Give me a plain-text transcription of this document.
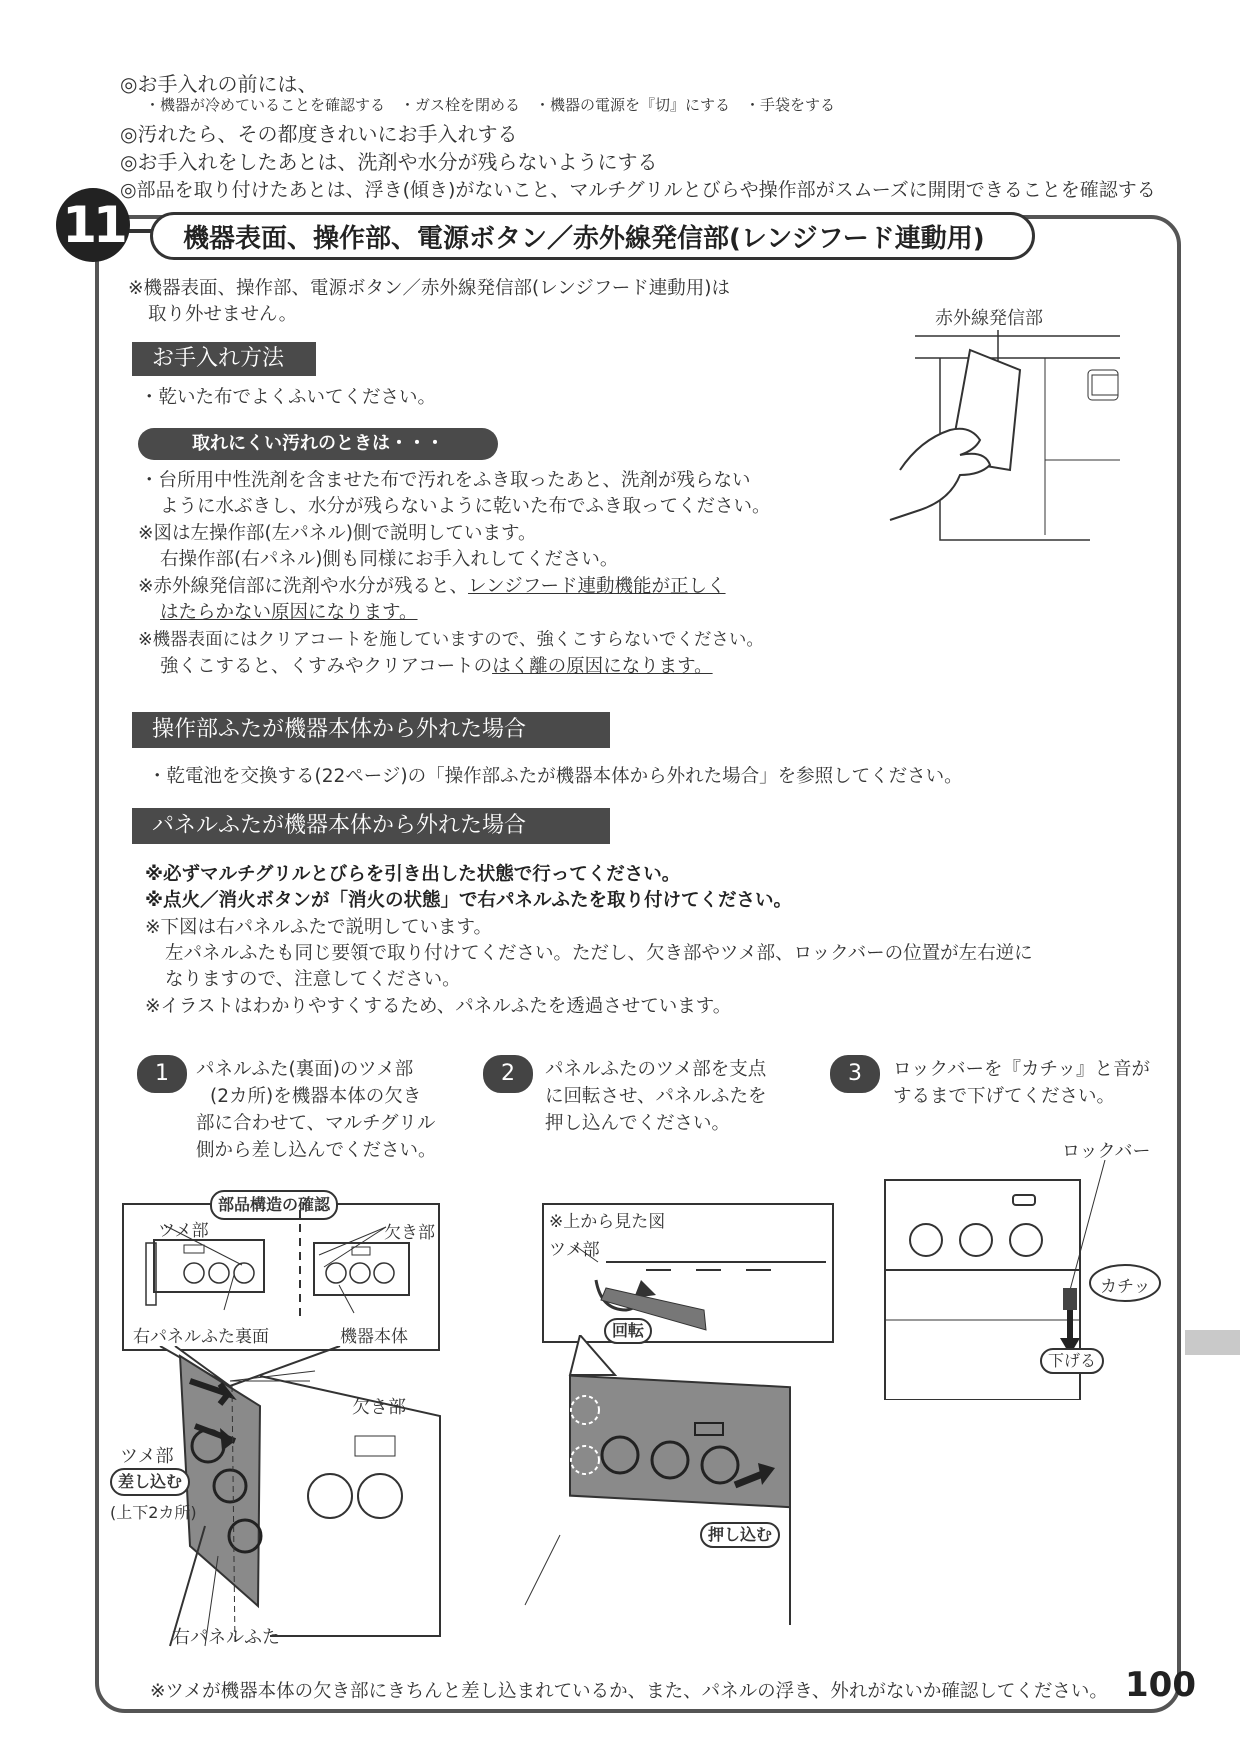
◎お手入れの前には、
・機器が冷めていることを確認する　・ガス栓を閉める　・機器の電源を『切』にする　・手袋をする
◎汚れたら、その都度きれいにお手入れする
◎お手入れをしたあとは、洗剤や水分が残らないようにする
◎部品を取り付けたあとは、浮き(傾き)がないこと、マルチグリルとびらや操作部がスムーズに開閉できることを確認する
11	機器表面、操作部、電源ボタン／赤外線発信部(レンジフード連動用)
※機器表面、操作部、電源ボタン／赤外線発信部(レンジフード連動用)は
取り外せません。
お手入れ方法
・乾いた布でよくふいてください。
取れにくい汚れのときは・・・
・台所用中性洗剤を含ませた布で汚れをふき取ったあと、洗剤が残らない
ように水ぶきし、水分が残らないように乾いた布でふき取ってください。
※図は左操作部(左パネル)側で説明しています。
右操作部(右パネル)側も同様にお手入れしてください。
※赤外線発信部に洗剤や水分が残ると、レンジフード連動機能が正しく
はたらかない原因になります。
※機器表面にはクリアコートを施していますので、強くこすらないでください。
強くこすると、くすみやクリアコートのはく離の原因になります。
赤外線発信部
操作部ふたが機器本体から外れた場合
・乾電池を交換する(22ページ)の「操作部ふたが機器本体から外れた場合」を参照してください。
パネルふたが機器本体から外れた場合
※必ずマルチグリルとびらを引き出した状態で行ってください。
※点火／消火ボタンが「消火の状態」で右パネルふたを取り付けてください。
※下図は右パネルふたで説明しています。
左パネルふたも同じ要領で取り付けてください。ただし、欠き部やツメ部、ロックバーの位置が左右逆に
なりますので、注意してください。
※イラストはわかりやすくするため、パネルふたを透過させています。
1	パネルふた(裏面)のツメ部
(2カ所)を機器本体の欠き
部に合わせて、マルチグリル
側から差し込んでください。
2	パネルふたのツメ部を支点
に回転させ、パネルふたを
押し込んでください。
3	ロックバーを『カチッ』と音が
するまで下げてください。
部品構造の確認
ツメ部	欠き部
右パネルふた裏面	機器本体
欠き部
ツメ部
差し込む
(上下2カ所)
右パネルふた
※上から見た図
ツメ部
回転
押し込む
ロックバー
カチッ
下げる
※ツメが機器本体の欠き部にきちんと差し込まれているか、また、パネルの浮き、外れがないか確認してください。 100
